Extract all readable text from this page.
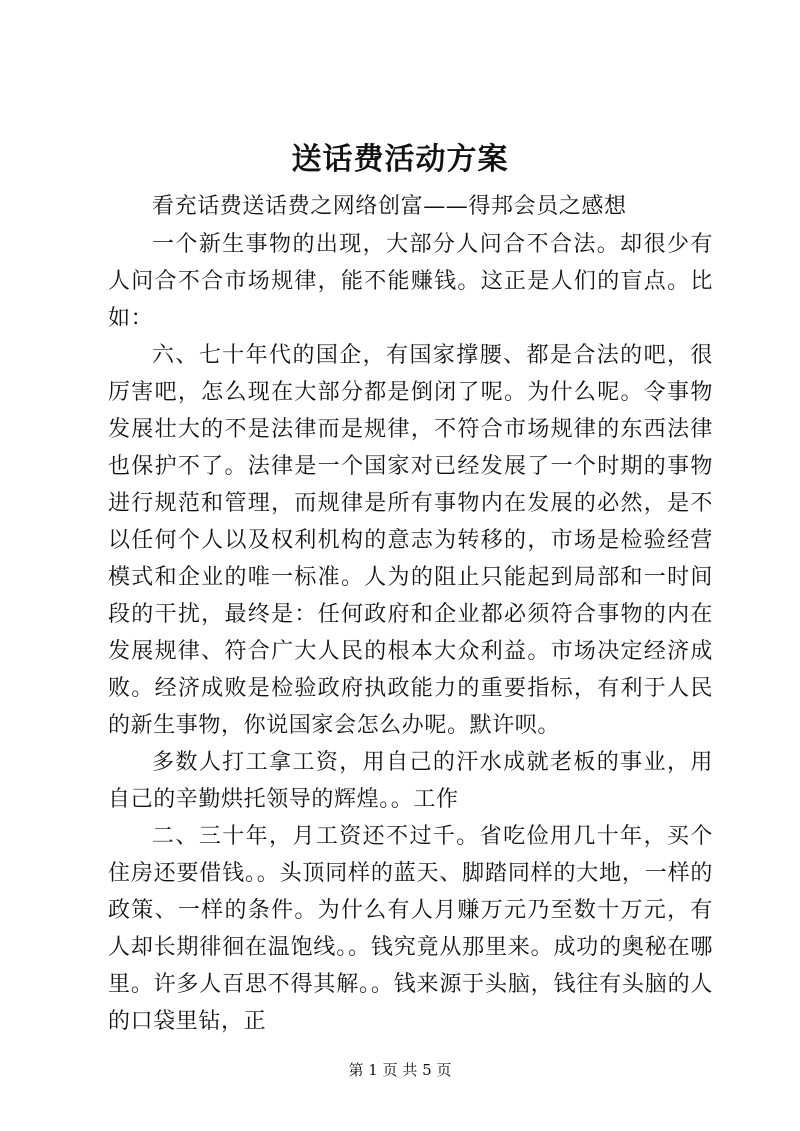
送话费活动方案

看充话费送话费之网络创富——得邦会员之感想

一个新生事物的出现，大部分人问合不合法。却很少有人问合不合市场规律，能不能赚钱。这正是人们的盲点。比如：

六、七十年代的国企，有国家撑腰、都是合法的吧，很厉害吧，怎么现在大部分都是倒闭了呢。为什么呢。令事物发展壮大的不是法律而是规律，不符合市场规律的东西法律也保护不了。法律是一个国家对已经发展了一个时期的事物进行规范和管理，而规律是所有事物内在发展的必然，是不以任何个人以及权利机构的意志为转移的，市场是检验经营模式和企业的唯一标准。人为的阻止只能起到局部和一时间段的干扰，最终是：任何政府和企业都必须符合事物的内在发展规律、符合广大人民的根本大众利益。市场决定经济成败。经济成败是检验政府执政能力的重要指标，有利于人民的新生事物，你说国家会怎么办呢。默许呗。

多数人打工拿工资，用自己的汗水成就老板的事业，用自己的辛勤烘托领导的辉煌。。工作

二、三十年，月工资还不过千。省吃俭用几十年，买个住房还要借钱。。头顶同样的蓝天、脚踏同样的大地，一样的政策、一样的条件。为什么有人月赚万元乃至数十万元，有人却长期徘徊在温饱线。。钱究竟从那里来。成功的奥秘在哪里。许多人百思不得其解。。钱来源于头脑，钱往有头脑的人的口袋里钻，正

第 1 页 共 5 页
